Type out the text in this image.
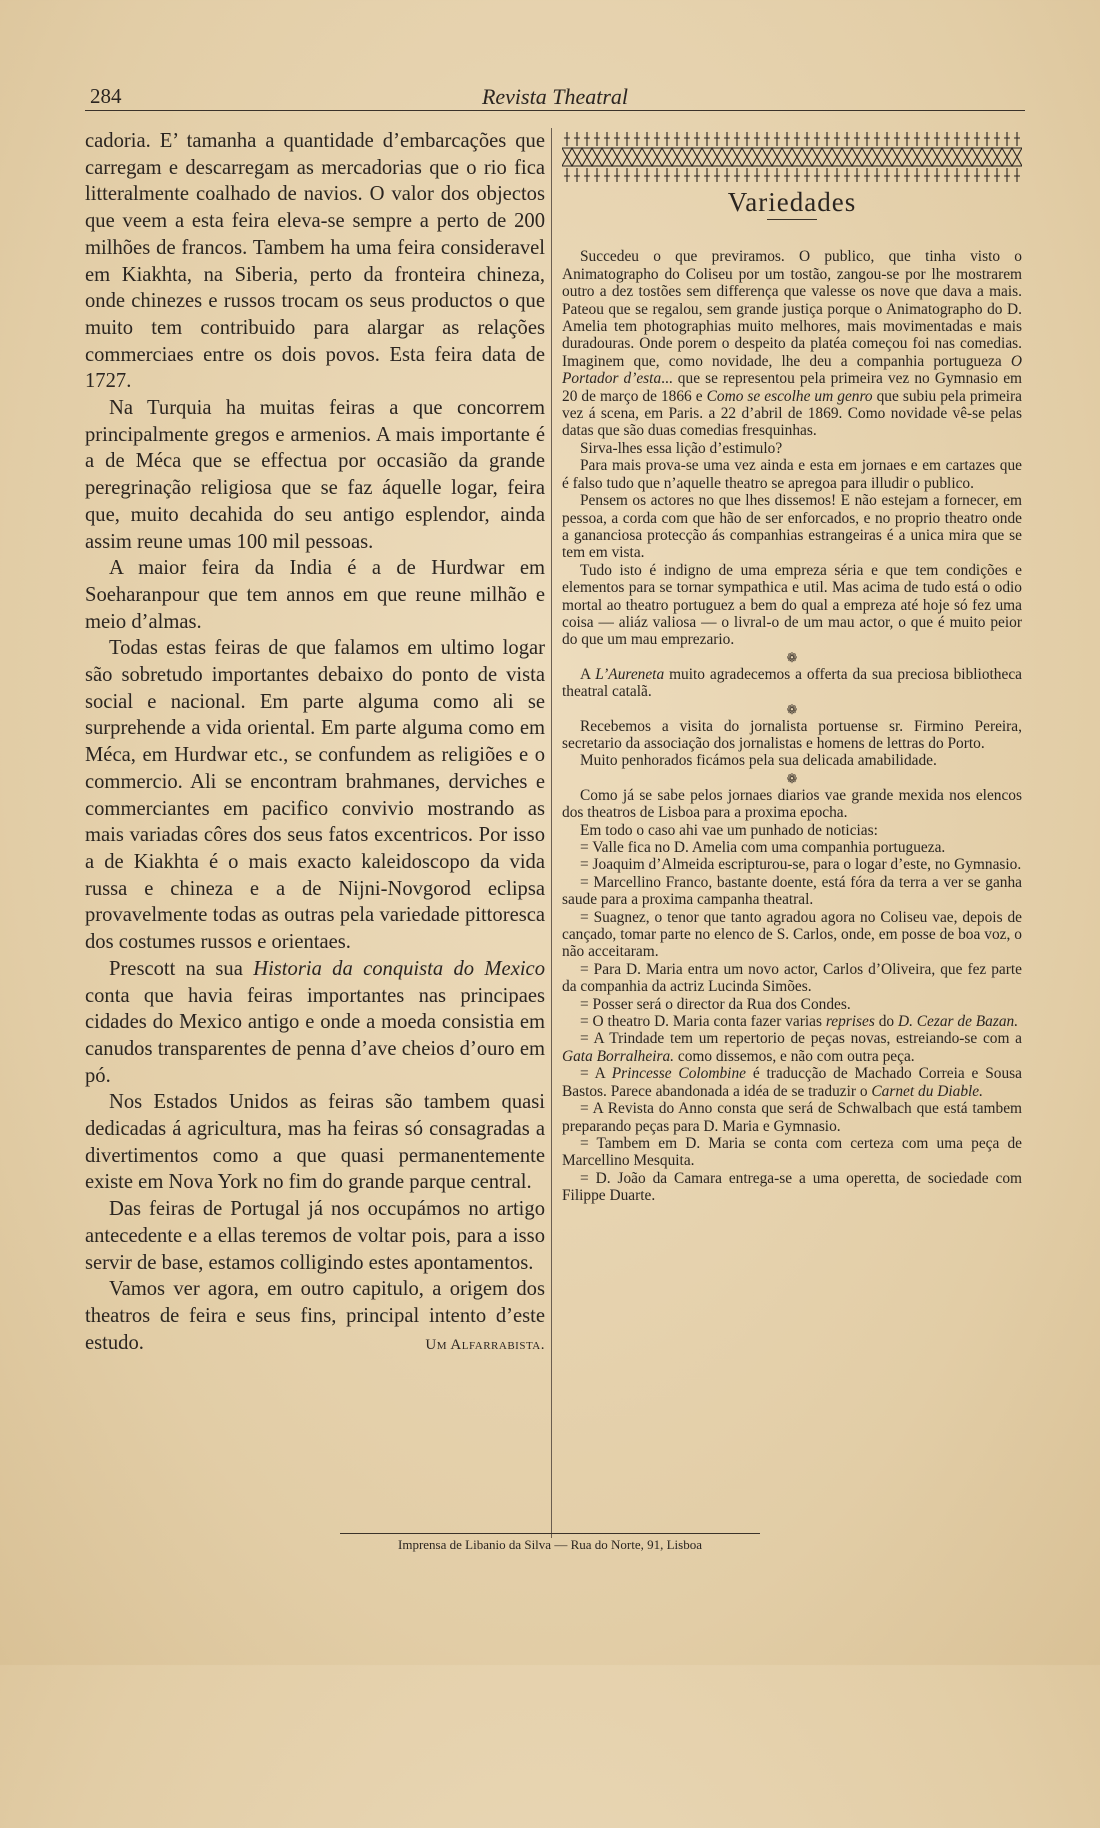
284	Revista Theatral

cadoria. E’ tamanha a quantidade d’embarcações que carregam e descarregam as mercadorias que o rio fica litteralmente coalhado de navios. O valor dos objectos que veem a esta feira eleva-se sempre a perto de 200 milhões de francos. Tambem ha uma feira consideravel em Kiakhta, na Siberia, perto da fronteira chineza, onde chinezes e russos trocam os seus productos o que muito tem contribuido para alargar as relações commerciaes entre os dois povos. Esta feira data de 1727.

Na Turquia ha muitas feiras a que concorrem principalmente gregos e armenios. A mais importante é a de Méca que se effectua por occasião da grande peregrinação religiosa que se faz áquelle logar, feira que, muito decahida do seu antigo esplendor, ainda assim reune umas 100 mil pessoas.

A maior feira da India é a de Hurdwar em Soeharanpour que tem annos em que reune milhão e meio d’almas.

Todas estas feiras de que falamos em ultimo logar são sobretudo importantes debaixo do ponto de vista social e nacional. Em parte alguma como ali se surprehende a vida oriental. Em parte alguma como em Méca, em Hurdwar etc., se confundem as religiões e o commercio. Ali se encontram brahmanes, derviches e commerciantes em pacifico convivio mostrando as mais variadas côres dos seus fatos excentricos. Por isso a de Kiakhta é o mais exacto kaleidoscopo da vida russa e chineza e a de Nijni-Novgorod eclipsa provavelmente todas as outras pela variedade pittoresca dos costumes russos e orientaes.

Prescott na sua Historia da conquista do Mexico conta que havia feiras importantes nas principaes cidades do Mexico antigo e onde a moeda consistia em canudos transparentes de penna d’ave cheios d’ouro em pó.

Nos Estados Unidos as feiras são tambem quasi dedicadas á agricultura, mas ha feiras só consagradas a divertimentos como a que quasi permanentemente existe em Nova York no fim do grande parque central.

Das feiras de Portugal já nos occupámos no artigo antecedente e a ellas teremos de voltar pois, para a isso servir de base, estamos colligindo estes apontamentos.

Vamos ver agora, em outro capitulo, a origem dos theatros de feira e seus fins, principal intento d’este estudo.	Um Alfarrabista.

Variedades

Succedeu o que previramos. O publico, que tinha visto o Animatographo do Coliseu por um tostão, zangou-se por lhe mostrarem outro a dez tostões sem differença que valesse os nove que dava a mais. Pateou que se regalou, sem grande justiça porque o Animatographo do D. Amelia tem photographias muito melhores, mais movimentadas e mais duradouras. Onde porem o despeito da platéa começou foi nas comedias. Imaginem que, como novidade, lhe deu a companhia portugueza O Portador d’esta... que se representou pela primeira vez no Gymnasio em 20 de março de 1866 e Como se escolhe um genro que subiu pela primeira vez á scena, em Paris. a 22 d’abril de 1869. Como novidade vê-se pelas datas que são duas comedias fresquinhas.

Sirva-lhes essa lição d’estimulo?

Para mais prova-se uma vez ainda e esta em jornaes e em cartazes que é falso tudo que n’aquelle theatro se apregoa para illudir o publico.

Pensem os actores no que lhes dissemos! E não estejam a fornecer, em pessoa, a corda com que hão de ser enforcados, e no proprio theatro onde a gananciosa protecção ás companhias estrangeiras é a unica mira que se tem em vista.

Tudo isto é indigno de uma empreza séria e que tem condições e elementos para se tornar sympathica e util. Mas acima de tudo está o odio mortal ao theatro portuguez a bem do qual a empreza até hoje só fez uma coisa — aliáz valiosa — o livral-o de um mau actor, o que é muito peior do que um mau emprezario.

❁

A L’Aureneta muito agradecemos a offerta da sua preciosa bibliotheca theatral catalã.

❁

Recebemos a visita do jornalista portuense sr. Firmino Pereira, secretario da associação dos jornalistas e homens de lettras do Porto.

Muito penhorados ficámos pela sua delicada amabilidade.

❁

Como já se sabe pelos jornaes diarios vae grande mexida nos elencos dos theatros de Lisboa para a proxima epocha.

Em todo o caso ahi vae um punhado de noticias:

= Valle fica no D. Amelia com uma companhia portugueza.

= Joaquim d’Almeida escripturou-se, para o logar d’este, no Gymnasio.

= Marcellino Franco, bastante doente, está fóra da terra a ver se ganha saude para a proxima campanha theatral.

= Suagnez, o tenor que tanto agradou agora no Coliseu vae, depois de cançado, tomar parte no elenco de S. Carlos, onde, em posse de boa voz, o não acceitaram.

= Para D. Maria entra um novo actor, Carlos d’Oliveira, que fez parte da companhia da actriz Lucinda Simões.

= Posser será o director da Rua dos Condes.

= O theatro D. Maria conta fazer varias reprises do D. Cezar de Bazan.

= A Trindade tem um repertorio de peças novas, estreiando-se com a Gata Borralheira. como dissemos, e não com outra peça.

= A Princesse Colombine é traducção de Machado Correia e Sousa Bastos. Parece abandonada a idéa de se traduzir o Carnet du Diable.

= A Revista do Anno consta que será de Schwalbach que está tambem preparando peças para D. Maria e Gymnasio.

= Tambem em D. Maria se conta com certeza com uma peça de Marcellino Mesquita.

= D. João da Camara entrega-se a uma operetta, de sociedade com Filippe Duarte.

Imprensa de Libanio da Silva — Rua do Norte, 91, Lisboa
